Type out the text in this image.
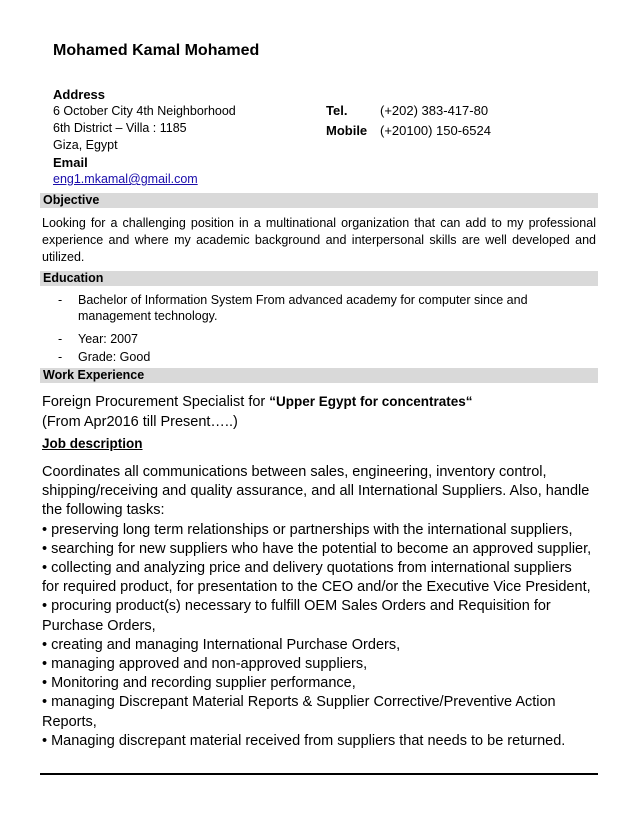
Mohamed Kamal Mohamed
Address
6 October City 4th Neighborhood
6th District – Villa : 1185
Giza, Egypt
Email
eng1.mkamal@gmail.com
Tel.	(+202) 383-417-80
Mobile (+20100) 150-6524
Objective
Looking for a challenging position in a multinational organization that can add to my professional experience and where my academic background and interpersonal skills are well developed and utilized.
Education
-	Bachelor of Information System From advanced academy for computer since and management technology.
-	Year: 2007
-	Grade: Good
Work Experience
Foreign Procurement Specialist for “Upper Egypt for concentrates“
(From Apr2016 till Present…..)
Job description
Coordinates all communications between sales, engineering, inventory control,
shipping/receiving and quality assurance, and all International Suppliers. Also, handle
the following tasks:
• preserving long term relationships or partnerships with the international suppliers,
• searching for new suppliers who have the potential to become an approved supplier,
• collecting and analyzing price and delivery quotations from international suppliers
for required product, for presentation to the CEO and/or the Executive Vice President,
• procuring product(s) necessary to fulfill OEM Sales Orders and Requisition for
Purchase Orders,
• creating and managing International Purchase Orders,
• managing approved and non-approved suppliers,
• Monitoring and recording supplier performance,
• managing Discrepant Material Reports & Supplier Corrective/Preventive Action
Reports,
• Managing discrepant material received from suppliers that needs to be returned.
